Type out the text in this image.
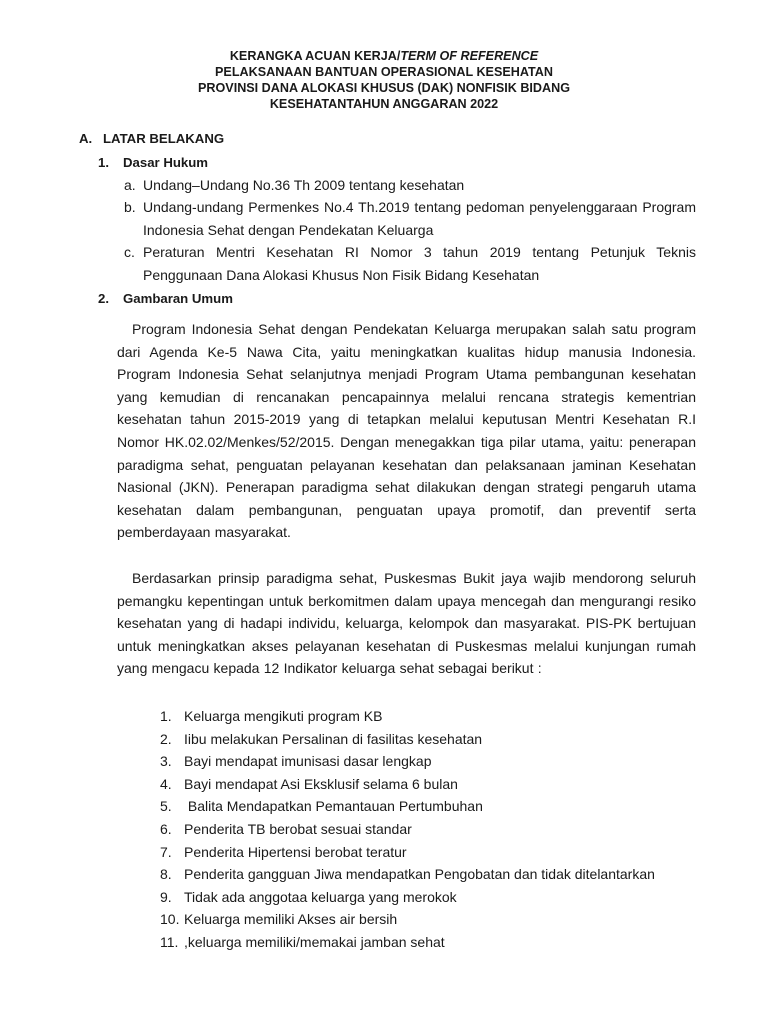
KERANGKA ACUAN KERJA/TERM OF REFERENCE
PELAKSANAAN BANTUAN OPERASIONAL KESEHATAN
PROVINSI DANA ALOKASI KHUSUS (DAK) NONFISIK BIDANG
KESEHATANTAHUN ANGGARAN 2022
A. LATAR BELAKANG
1. Dasar Hukum
a. Undang–Undang No.36 Th 2009 tentang kesehatan
b. Undang-undang Permenkes No.4 Th.2019 tentang pedoman penyelenggaraan Program Indonesia Sehat dengan Pendekatan Keluarga
c. Peraturan Mentri Kesehatan RI Nomor 3 tahun 2019 tentang Petunjuk Teknis Penggunaan Dana Alokasi Khusus Non Fisik Bidang Kesehatan
2. Gambaran Umum

Program Indonesia Sehat dengan Pendekatan Keluarga merupakan salah satu program dari Agenda Ke-5 Nawa Cita, yaitu meningkatkan kualitas hidup manusia Indonesia. Program Indonesia Sehat selanjutnya menjadi Program Utama pembangunan kesehatan yang kemudian di rencanakan pencapainnya melalui rencana strategis kementrian kesehatan tahun 2015-2019 yang di tetapkan melalui keputusan Mentri Kesehatan R.I Nomor HK.02.02/Menkes/52/2015. Dengan menegakkan tiga pilar utama, yaitu: penerapan paradigma sehat, penguatan pelayanan kesehatan dan pelaksanaan jaminan Kesehatan Nasional (JKN). Penerapan paradigma sehat dilakukan dengan strategi pengaruh utama kesehatan dalam pembangunan, penguatan upaya promotif, dan preventif serta pemberdayaan masyarakat.

Berdasarkan prinsip paradigma sehat, Puskesmas Bukit jaya wajib mendorong seluruh pemangku kepentingan untuk berkomitmen dalam upaya mencegah dan mengurangi resiko kesehatan yang di hadapi individu, keluarga, kelompok dan masyarakat. PIS-PK bertujuan untuk meningkatkan akses pelayanan kesehatan di Puskesmas melalui kunjungan rumah yang mengacu kepada 12 Indikator keluarga sehat sebagai berikut :

1. Keluarga mengikuti program KB
2. Iibu melakukan Persalinan di fasilitas kesehatan
3. Bayi mendapat imunisasi dasar lengkap
4. Bayi mendapat Asi Eksklusif selama 6 bulan
5. Balita Mendapatkan Pemantauan Pertumbuhan
6. Penderita TB berobat sesuai standar
7. Penderita Hipertensi berobat teratur
8. Penderita gangguan Jiwa mendapatkan Pengobatan dan tidak ditelantarkan
9. Tidak ada anggotaa keluarga yang merokok
10. Keluarga memiliki Akses air bersih
11. ,keluarga memiliki/memakai jamban sehat
